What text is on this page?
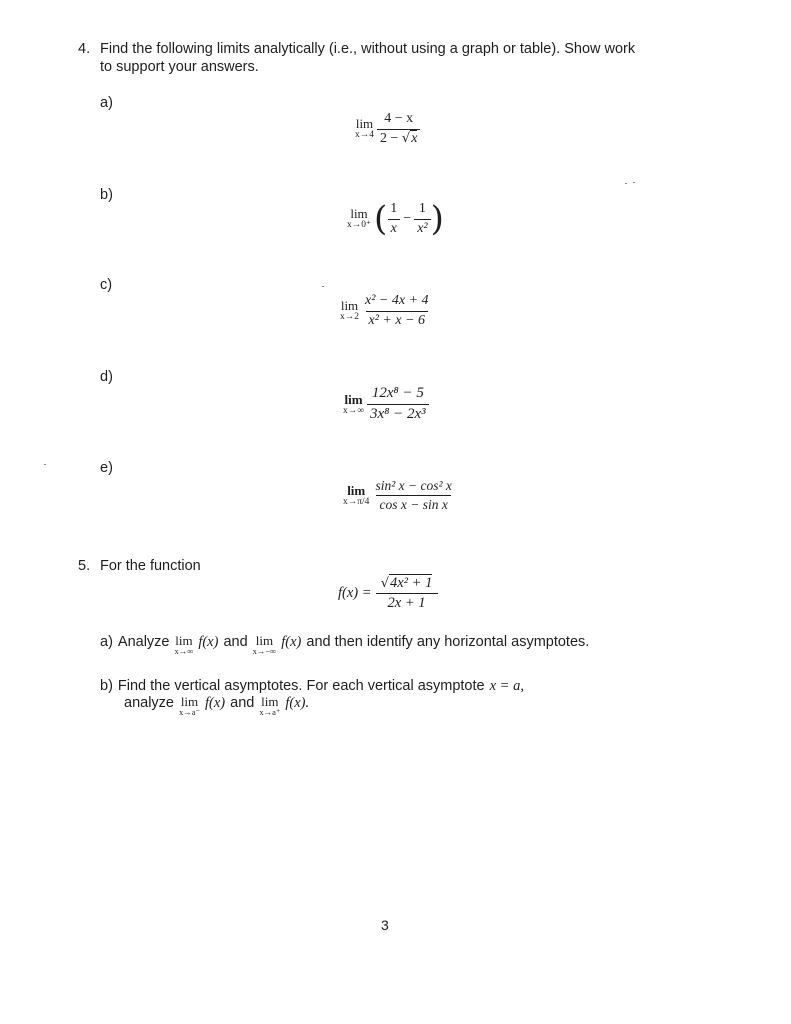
4. Find the following limits analytically (i.e., without using a graph or table). Show work
to support your answers.
a)
lim
$x\to 4 \frac{4 - x}{2 - √x}$
b)
lim
x→0⁺ ( $\frac{1}{x} - \frac{1}{\text{x²}}$ )
c)
lim
$x\to 2 \frac{\text{x² − 4x + 4}}{\text{x² + x − 6}}$
d)
lim
$x\to\infty \frac{\text{12x⁸ − 5}}{\text{3x⁸ − 2x³}}$
e)
lim
$x\to\pi/4 \frac{\text{sin² x − cos² x}}{\text{cos x − sin x}}$
5. For the function
$f(x) = \frac{\text{√4x² + 1}}{2x + 1}$
a) Analyze lim
x→∞
f(x) and lim
x→−∞
f(x) and then identify any horizontal asymptotes.
b) Find the vertical asymptotes. For each vertical asymptote x = a,
analyze lim
x→a⁻
f(x) and lim
x→a⁺
f(x).
3
